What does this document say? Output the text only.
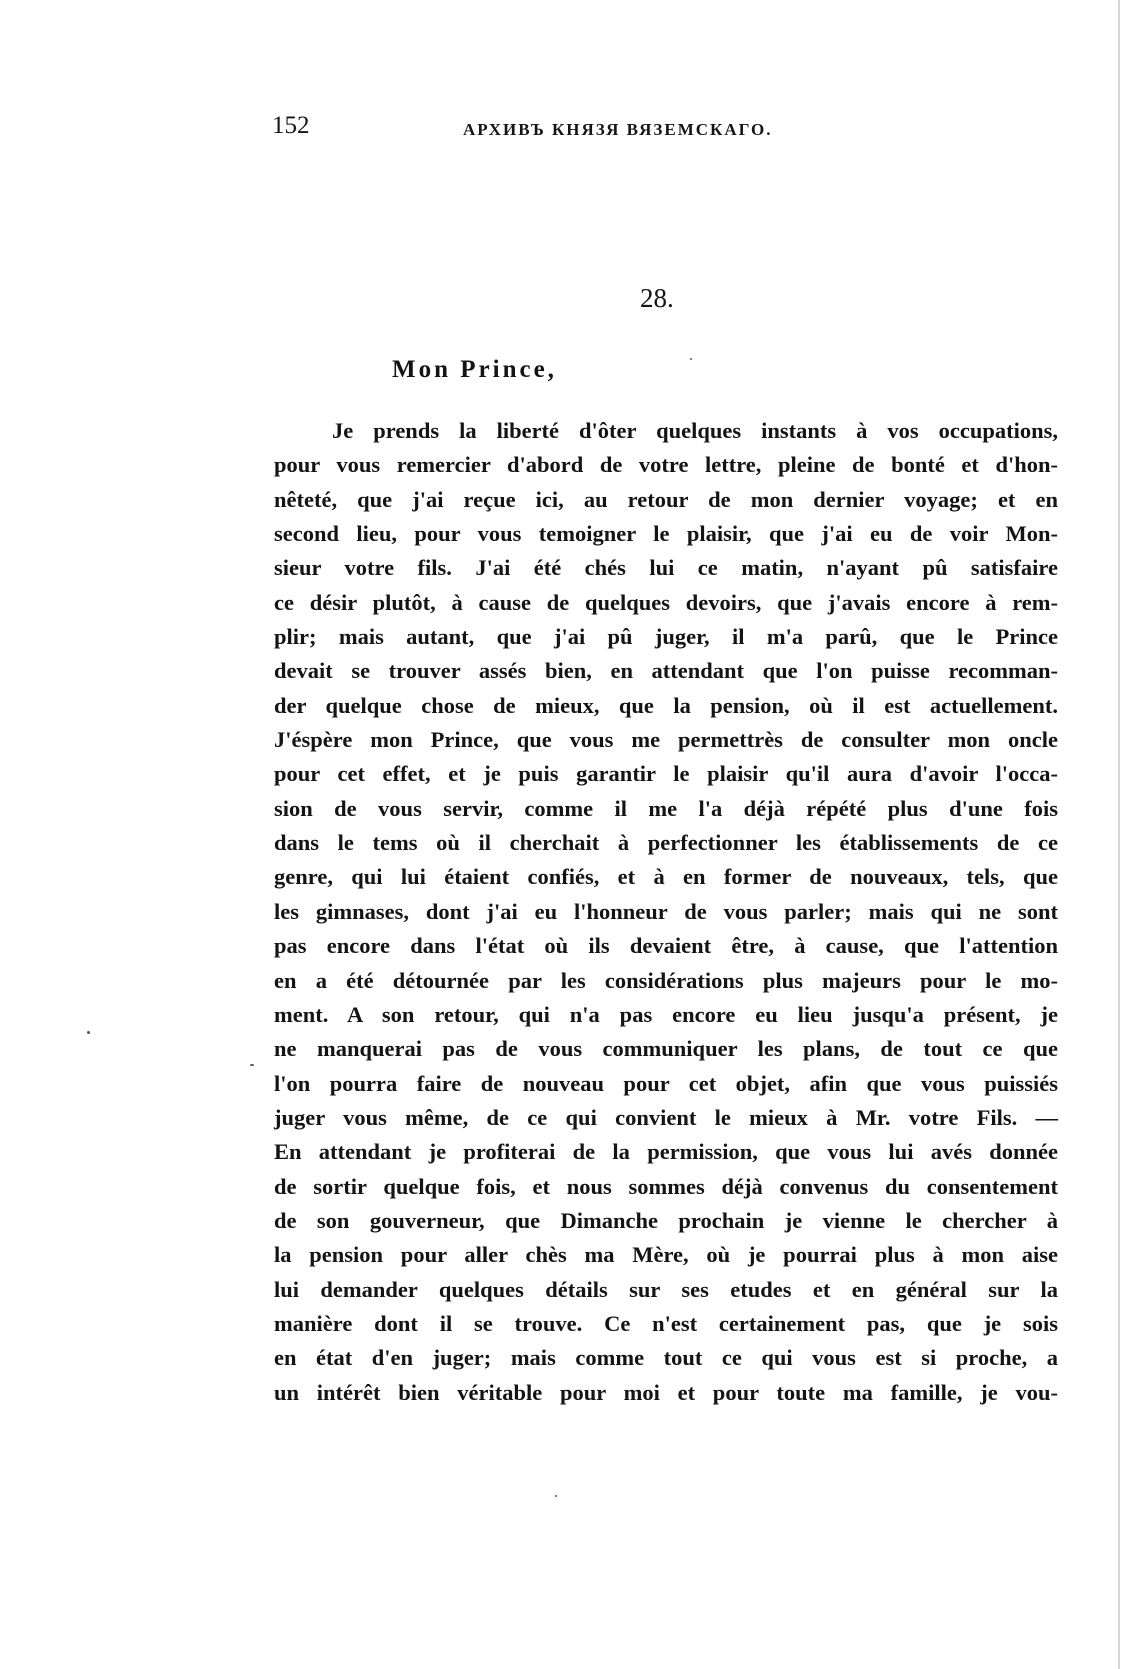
152	АРХИВЪ КНЯЗЯ ВЯЗЕМСКАГО.
28.
Mon Prince,
Je prends la liberté d'ôter quelques instants à vos occupations,
pour vous remercier d'abord de votre lettre, pleine de bonté et d'hon-
nêteté, que j'ai reçue ici, au retour de mon dernier voyage; et en
second lieu, pour vous temoigner le plaisir, que j'ai eu de voir Mon-
sieur votre fils. J'ai été chés lui ce matin, n'ayant pû satisfaire
ce désir plutôt, à cause de quelques devoirs, que j'avais encore à rem-
plir; mais autant, que j'ai pû juger, il m'a parû, que le Prince
devait se trouver assés bien, en attendant que l'on puisse recomman-
der quelque chose de mieux, que la pension, où il est actuellement.
J'éspère mon Prince, que vous me permettrès de consulter mon oncle
pour cet effet, et je puis garantir le plaisir qu'il aura d'avoir l'occa-
sion de vous servir, comme il me l'a déjà répété plus d'une fois
dans le tems où il cherchait à perfectionner les établissements de ce
genre, qui lui étaient confiés, et à en former de nouveaux, tels, que
les gimnases, dont j'ai eu l'honneur de vous parler; mais qui ne sont
pas encore dans l'état où ils devaient être, à cause, que l'attention
en a été détournée par les considérations plus majeurs pour le mo-
ment. A son retour, qui n'a pas encore eu lieu jusqu'a présent, je
ne manquerai pas de vous communiquer les plans, de tout ce que
l'on pourra faire de nouveau pour cet objet, afin que vous puissiés
juger vous même, de ce qui convient le mieux à Mr. votre Fils. —
En attendant je profiterai de la permission, que vous lui avés donnée
de sortir quelque fois, et nous sommes déjà convenus du consentement
de son gouverneur, que Dimanche prochain je vienne le chercher à
la pension pour aller chès ma Mère, où je pourrai plus à mon aise
lui demander quelques détails sur ses etudes et en général sur la
manière dont il se trouve. Ce n'est certainement pas, que je sois
en état d'en juger; mais comme tout ce qui vous est si proche, a
un intérêt bien véritable pour moi et pour toute ma famille, je vou-
